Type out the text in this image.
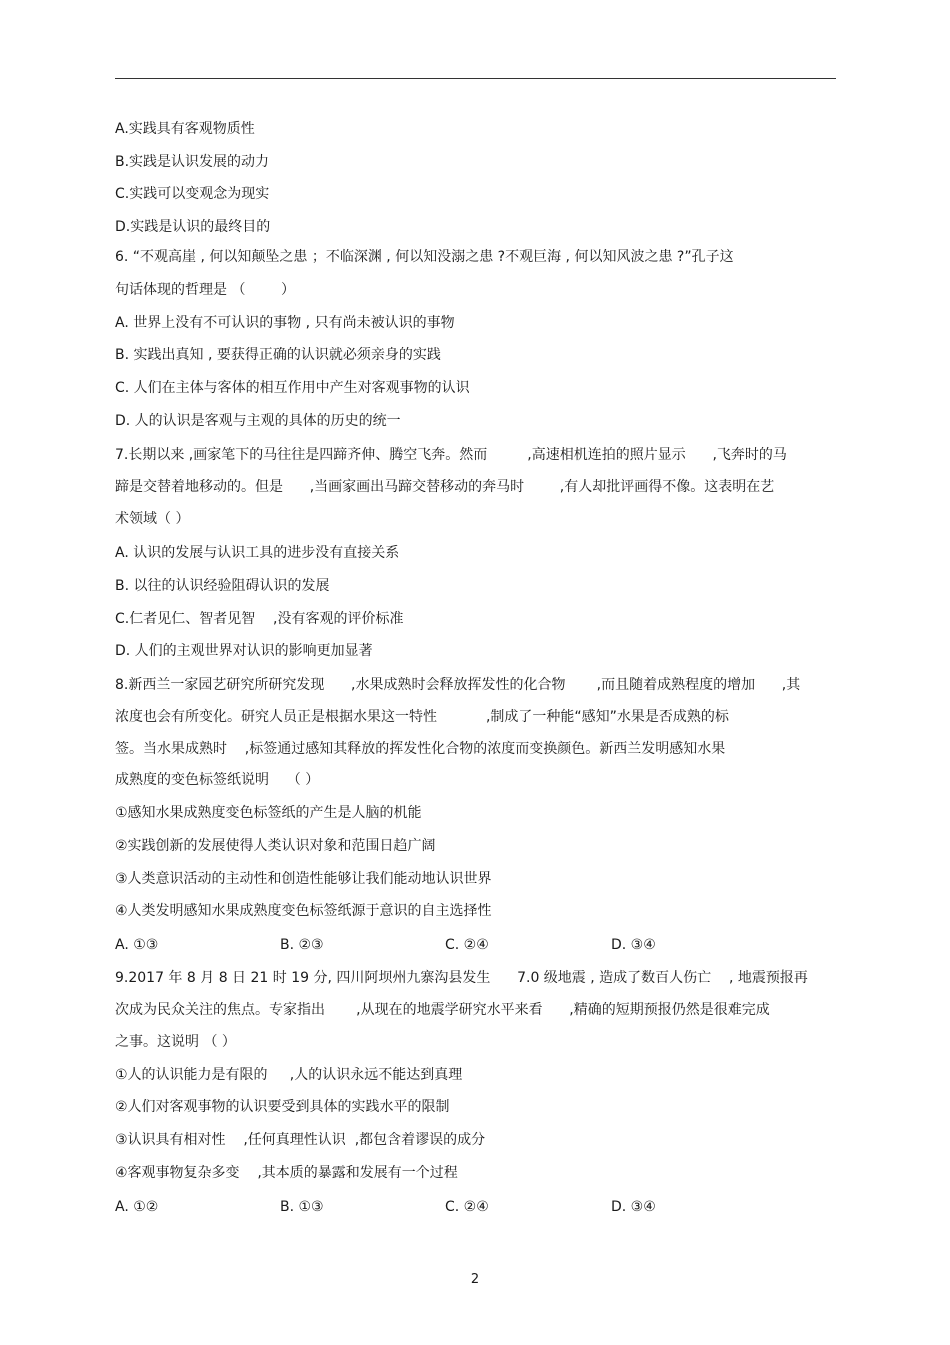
A.实践具有客观物质性
B.实践是认识发展的动力
C.实践可以变观念为现实
D.实践是认识的最终目的
6. “不观高崖 , 何以知颠坠之患 ；不临深渊 , 何以知没溺之患 ?不观巨海 , 何以知风波之患 ?”孔子这
句话体现的哲理是 （        ）
A. 世界上没有不可认识的事物 , 只有尚未被认识的事物
B. 实践出真知 , 要获得正确的认识就必须亲身的实践
C. 人们在主体与客体的相互作用中产生对客观事物的认识
D. 人的认识是客观与主观的具体的历史的统一
7.长期以来 ,画家笔下的马往往是四蹄齐伸、腾空飞奔。然而         ,高速相机连拍的照片显示      ,飞奔时的马
蹄是交替着地移动的。但是      ,当画家画出马蹄交替移动的奔马时        ,有人却批评画得不像。这表明在艺
术领域（ ）
A. 认识的发展与认识工具的进步没有直接关系
B. 以往的认识经验阻碍认识的发展
C.仁者见仁、智者见智    ,没有客观的评价标准
D. 人们的主观世界对认识的影响更加显著
8.新西兰一家园艺研究所研究发现      ,水果成熟时会释放挥发性的化合物       ,而且随着成熟程度的增加      ,其
浓度也会有所变化。研究人员正是根据水果这一特性           ,制成了一种能“感知”水果是否成熟的标
签。当水果成熟时    ,标签通过感知其释放的挥发性化合物的浓度而变换颜色。新西兰发明感知水果
成熟度的变色标签纸说明    （ ）
①感知水果成熟度变色标签纸的产生是人脑的机能
②实践创新的发展使得人类认识对象和范围日趋广阔
③人类意识活动的主动性和创造性能够让我们能动地认识世界
④人类发明感知水果成熟度变色标签纸源于意识的自主选择性
A. ①③	B. ②③	C. ②④	D. ③④
9.2017 年 8 月 8 日 21 时 19 分, 四川阿坝州九寨沟县发生      7.0 级地震 , 造成了数百人伤亡    , 地震预报再
次成为民众关注的焦点。专家指出       ,从现在的地震学研究水平来看      ,精确的短期预报仍然是很难完成
之事。这说明 （ ）
①人的认识能力是有限的     ,人的认识永远不能达到真理
②人们对客观事物的认识要受到具体的实践水平的限制
③认识具有相对性    ,任何真理性认识  ,都包含着谬误的成分
④客观事物复杂多变    ,其本质的暴露和发展有一个过程
A. ①②	B. ①③	C. ②④	D. ③④
2
